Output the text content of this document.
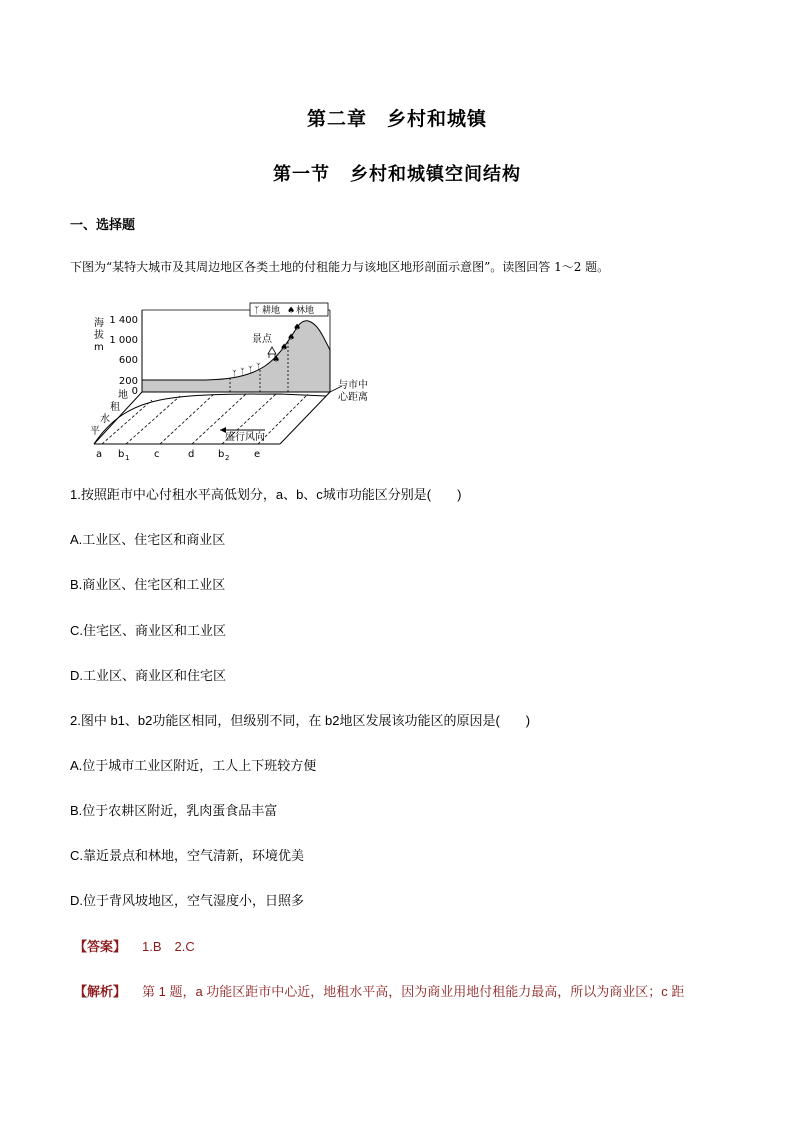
第二章 乡村和城镇
第一节 乡村和城镇空间结构
一、选择题
下图为“某特大城市及其周边地区各类土地的付租能力与该地区地形剖面示意图”。读图回答 1～2 题。
海
拔
m
1 400
1 000
600
200
0
ᛉ ᛉ ᛉ ᛉ
♠
♠
♠
♠
景点
ᛉ 耕地 ♠ 林地
与市中
心距离
地
租
水
平
盛行风向
a b 1 c	d b 2 e
1.按照距市中心付租水平高低划分，a、b、c城市功能区分别是(　　)
A.工业区、住宅区和商业区
B.商业区、住宅区和工业区
C.住宅区、商业区和工业区
D.工业区、商业区和住宅区
2.图中 b1、b2功能区相同，但级别不同，在 b2地区发展该功能区的原因是(　　)
A.位于城市工业区附近，工人上下班较方便
B.位于农耕区附近，乳肉蛋食品丰富
C.靠近景点和林地，空气清新，环境优美
D.位于背风坡地区，空气湿度小，日照多
【答案】 1.B　2.C
【解析】 第 1 题，a 功能区距市中心近，地租水平高，因为商业用地付租能力最高，所以为商业区；c 距
